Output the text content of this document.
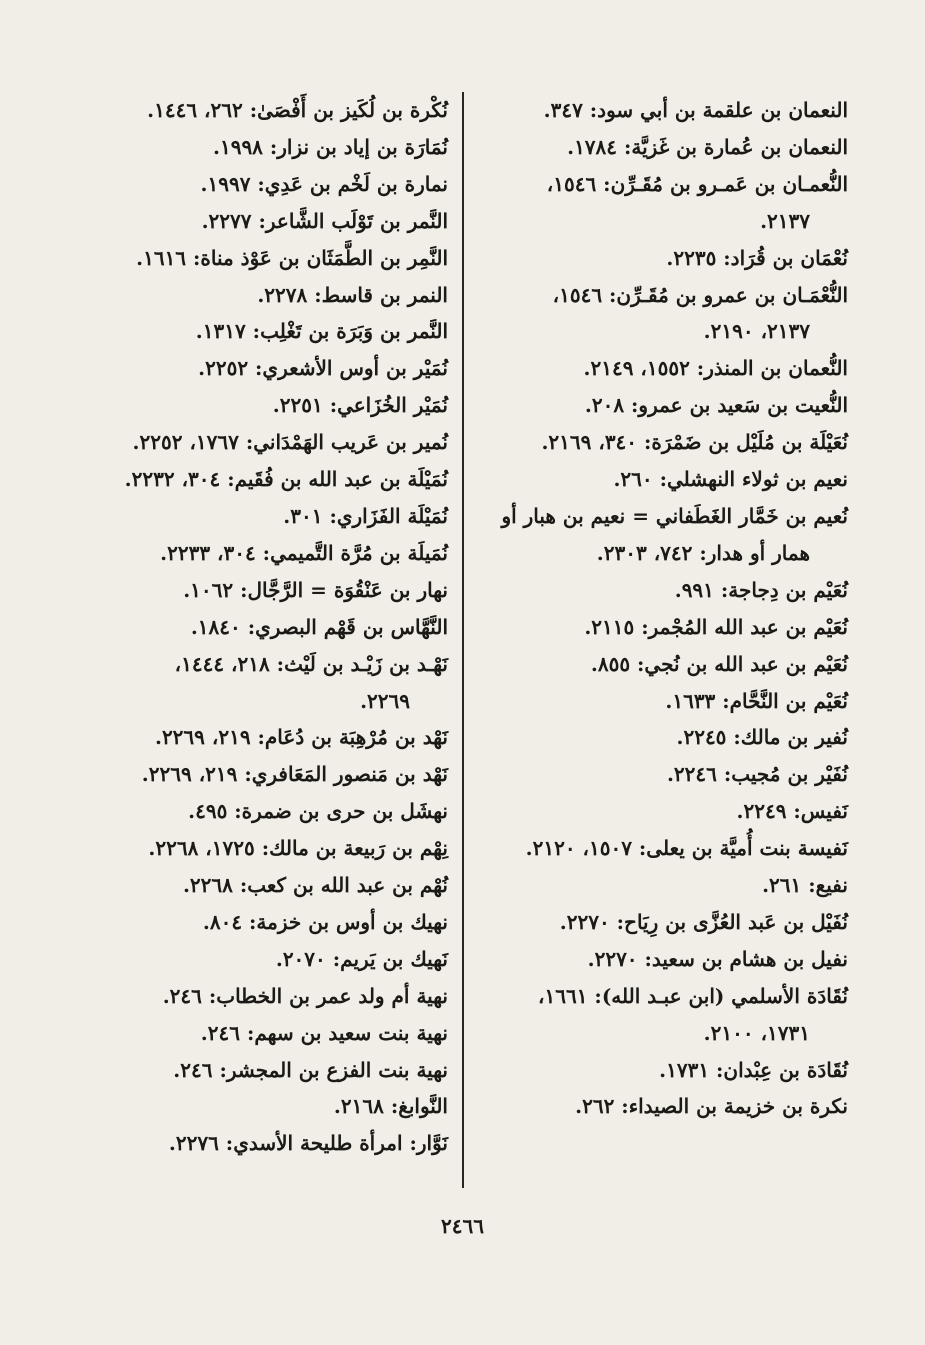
النعمان بن علقمة بن أبي سود: ٣٤٧.
النعمان بن عُمارة بن غَزيَّة: ١٧٨٤.
النُّعمـان بن عَمـرو بن مُقَـرِّن: ١٥٤٦،
٢١٣٧.
نُعْمَان بن قُرَاد: ٢٢٣٥.
النُّعْمَـان بن عمرو بن مُقَـرِّن: ١٥٤٦،
٢١٣٧، ٢١٩٠.
النُّعمان بن المنذر: ١٥٥٢، ٢١٤٩.
النُّعيت بن سَعيد بن عمرو: ٢٠٨.
نُعَيْلَة بن مُلَيْل بن ضَمْرَة: ٣٤٠، ٢١٦٩.
نعيم بن ثولاء النهشلي: ٢٦٠.
نُعيم بن خَمَّار الغَطَفاني = نعيم بن هبار أو
همار أو هدار: ٧٤٢، ٢٣٠٣.
نُعَيْم بن دِجاجة: ٩٩١.
نُعَيْم بن عبد الله المُجْمر: ٢١١٥.
نُعَيْم بن عبد الله بن نُجي: ٨٥٥.
نُعَيْم بن النَّحَّام: ١٦٣٣.
نُفير بن مالك: ٢٢٤٥.
نُفَيْر بن مُجيب: ٢٢٤٦.
نَفيس: ٢٢٤٩.
نَفيسة بنت أُميَّة بن يعلى: ١٥٠٧، ٢١٢٠.
نفيع: ٢٦١.
نُفَيْل بن عَبد العُزَّى بن رِيَاح: ٢٢٧٠.
نفيل بن هشام بن سعيد: ٢٢٧٠.
نُقَادَة الأسلمي (ابن عبـد الله): ١٦٦١،
١٧٣١، ٢١٠٠.
نُقَادَة بن عِبْدان: ١٧٣١.
نكرة بن خزيمة بن الصيداء: ٢٦٢.
نُكْرة بن لُكَيز بن أَفْصَىٰ: ٢٦٢، ١٤٤٦.
نُمَارَة بن إياد بن نزار: ١٩٩٨.
نمارة بن لَخْم بن عَدِي: ١٩٩٧.
النَّمر بن تَوْلَب الشَّاعر: ٢٢٧٧.
النَّمِر بن الطَّمَثَان بن عَوْذ مناة: ١٦١٦.
النمر بن قاسط: ٢٢٧٨.
النَّمر بن وَبَرَة بن تَغْلِب: ١٣١٧.
نُمَيْر بن أوس الأشعري: ٢٢٥٢.
نُمَيْر الخُزَاعي: ٢٢٥١.
نُمير بن عَريب الهَمْدَاني: ١٧٦٧، ٢٢٥٢.
نُمَيْلَة بن عبد الله بن فُقَيم: ٣٠٤، ٢٢٣٢.
نُمَيْلَة الفَزَاري: ٣٠١.
نُمَيلَة بن مُرَّة التَّميمي: ٣٠٤، ٢٢٣٣.
نهار بن عَنْقُوَة = الرَّجَّال: ١٠٦٢.
النَّهَّاس بن قَهْم البصري: ١٨٤٠.
نَهْـد بن زَيْـد بن لَيْث: ٢١٨، ١٤٤٤،
٢٢٦٩.
نَهْد بن مُرْهِبَة بن دُعَام: ٢١٩، ٢٢٦٩.
نَهْد بن مَنصور المَعَافري: ٢١٩، ٢٢٦٩.
نهشَل بن حرى بن ضمرة: ٤٩٥.
نِهْم بن رَبيعة بن مالك: ١٧٢٥، ٢٢٦٨.
نُهْم بن عبد الله بن كعب: ٢٢٦٨.
نهيك بن أوس بن خزمة: ٨٠٤.
نَهيك بن يَريم: ٢٠٧٠.
نهية أم ولد عمر بن الخطاب: ٢٤٦.
نهية بنت سعيد بن سهم: ٢٤٦.
نهية بنت الفزع بن المجشر: ٢٤٦.
النَّوابغ: ٢١٦٨.
نَوَّار: امرأة طليحة الأسدي: ٢٢٧٦.
٢٤٦٦
